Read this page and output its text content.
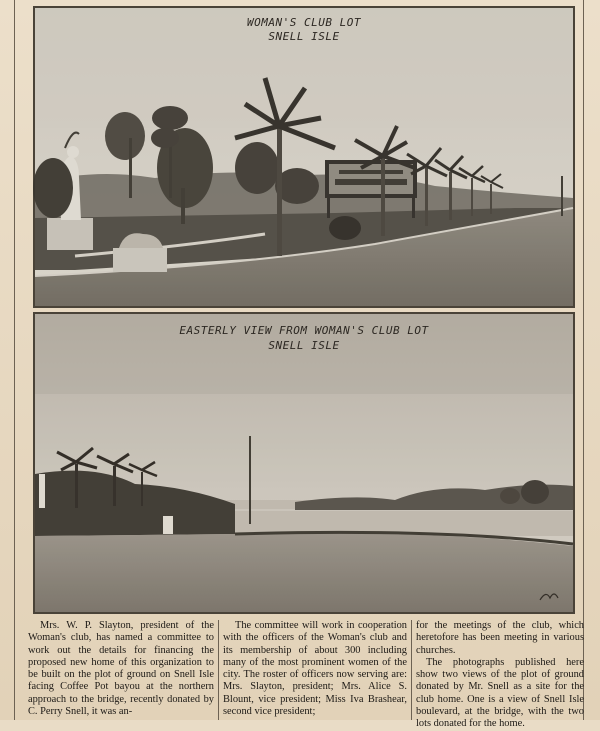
WOMAN'S CLUB LOT
SNELL ISLE
EASTERLY VIEW FROM WOMAN'S CLUB LOT
SNELL ISLE

Mrs. W. P. Slayton, president of the Woman's club, has named a committee to work out the details for financing the proposed new home of this organization to be built on the plot of ground on Snell Isle facing Coffee Pot bayou at the northern approach to the bridge, recently donated by C. Perry Snell, it was an-

The committee will work in cooperation with the officers of the Woman's club and its membership of about 300 including many of the most prominent women of the city. The roster of officers now serving are: Mrs. Slayton, president; Mrs. Alice S. Blount, vice president; Miss Iva Brashear, second vice president;

for the meetings of the club, which heretofore has been meeting in various churches.

The photographs published here show two views of the plot of ground donated by Mr. Snell as a site for the club home. One is a view of Snell Isle boulevard, at the bridge, with the two lots donated for the home.
